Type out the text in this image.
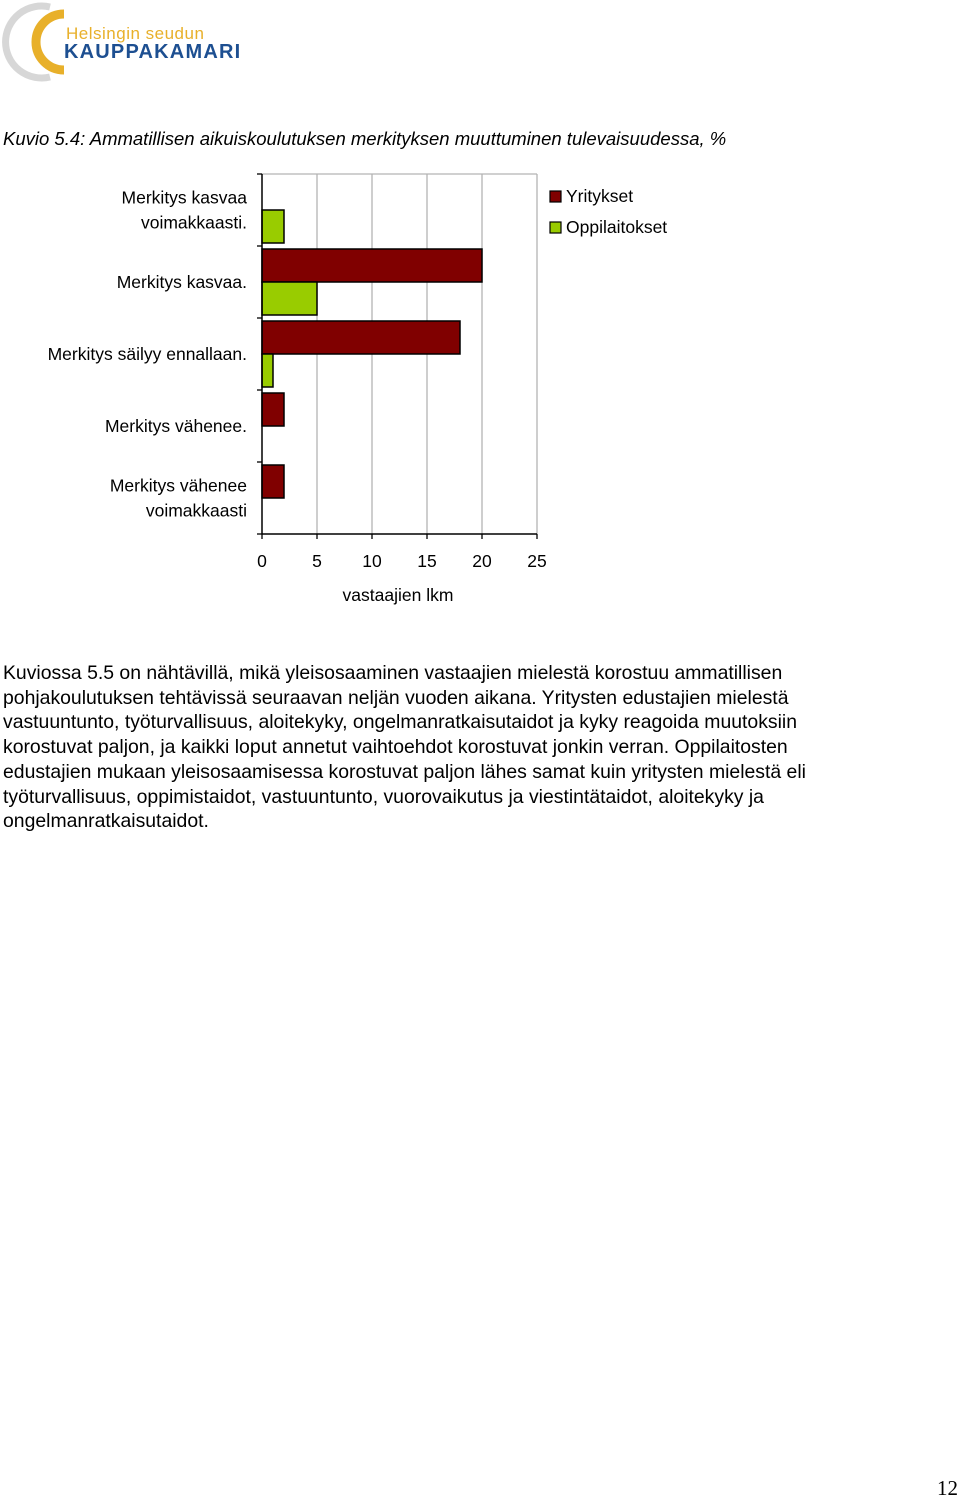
Helsingin seudun
KAUPPAKAMARI
Kuvio 5.4: Ammatillisen aikuiskoulutuksen merkityksen muuttuminen tulevaisuudessa, %
Merkitys kasvaa
voimakkaasti.
Merkitys kasvaa.
Merkitys säilyy ennallaan.
Merkitys vähenee.
Merkitys vähenee
voimakkaasti
0	5 10 15 20 25
vastaajien lkm
Yritykset
Oppilaitokset
Kuviossa 5.5 on nähtävillä, mikä yleisosaaminen vastaajien mielestä korostuu ammatillisen
pohjakoulutuksen tehtävissä seuraavan neljän vuoden aikana. Yritysten edustajien mielestä
vastuuntunto, työturvallisuus, aloitekyky, ongelmanratkaisutaidot ja kyky reagoida muutoksiin
korostuvat paljon, ja kaikki loput annetut vaihtoehdot korostuvat jonkin verran. Oppilaitosten
edustajien mukaan yleisosaamisessa korostuvat paljon lähes samat kuin yritysten mielestä eli
työturvallisuus, oppimistaidot, vastuuntunto, vuorovaikutus ja viestintätaidot, aloitekyky ja
ongelmanratkaisutaidot.
12
